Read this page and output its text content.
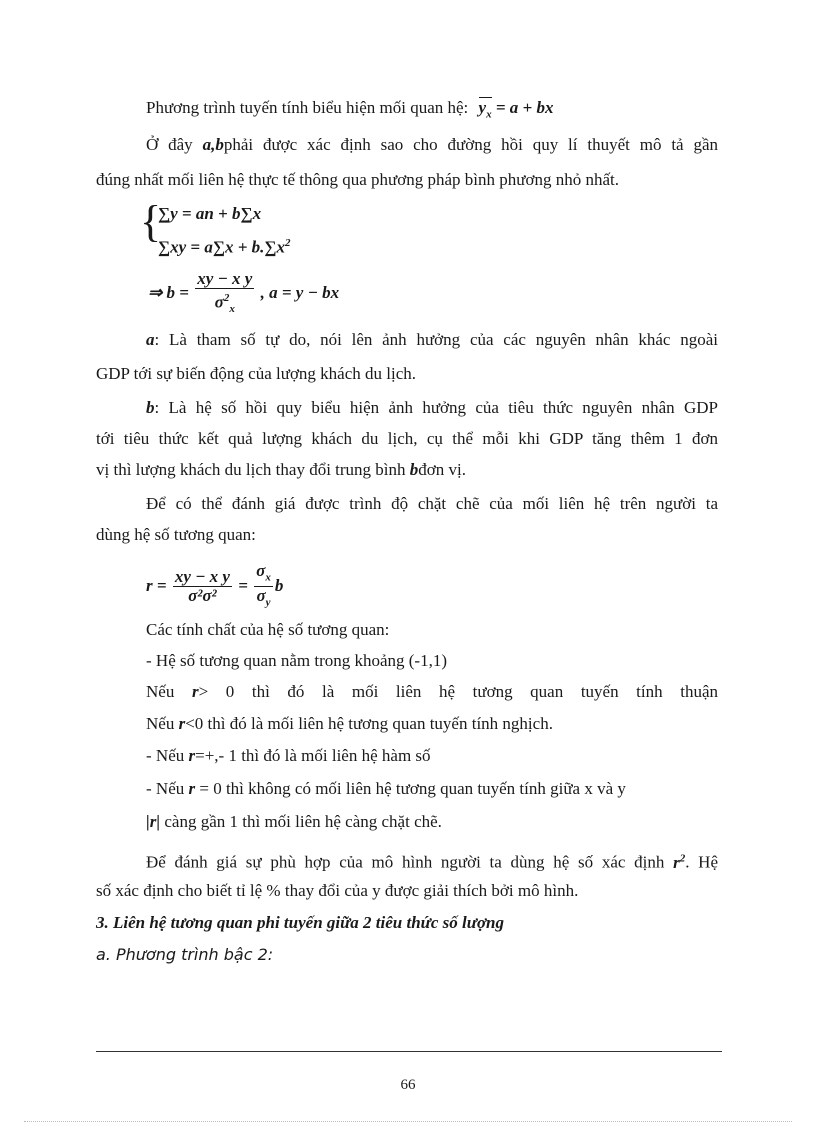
Phương trình tuyến tính biểu hiện mối quan hệ: $y_x = a$ + bx
Ở đây a,bphải được xác định sao cho đường hồi quy lí thuyết mô tả gần
đúng nhất mối liên hệ thực tế thông qua phương pháp bình phương nhỏ nhất.
{
∑y = an + b∑x
$\sum xy = a\sum x + b.\sum x^2$
⇒ $b = \frac{\text{xy − x y}}{\sigma^2_x}$ , a = y − bx
a: Là tham số tự do, nói lên ảnh hưởng của các nguyên nhân khác ngoài
GDP tới sự biến động của lượng khách du lịch.
b: Là hệ số hồi quy biểu hiện ảnh hưởng của tiêu thức nguyên nhân GDP
tới tiêu thức kết quả lượng khách du lịch, cụ thể mỗi khi GDP tăng thêm 1 đơn
vị thì lượng khách du lịch thay đổi trung bình bđơn vị.
Để có thể đánh giá được trình độ chặt chẽ của mối liên hệ trên người ta
dùng hệ số tương quan:
$r = \frac{\text{xy − x y}}{\text{σ²σ²}} = \frac{\sigma_x}{\sigma_y}$ b
Các tính chất của hệ số tương quan:
- Hệ số tương quan nằm trong khoảng (-1,1)
Nếu r> 0 thì đó là mối liên hệ tương quan tuyến tính thuận
Nếu r<0 thì đó là mối liên hệ tương quan tuyến tính nghịch.
- Nếu r=+,- 1 thì đó là mối liên hệ hàm số
- Nếu r = 0 thì không có mối liên hệ tương quan tuyến tính giữa x và y
|r| càng gần 1 thì mối liên hệ càng chặt chẽ.
Để đánh giá sự phù hợp của mô hình người ta dùng hệ số xác định $r^2$. Hệ
số xác định cho biết tỉ lệ % thay đổi của y được giải thích bởi mô hình.
3. Liên hệ tương quan phi tuyến giữa 2 tiêu thức số lượng
a. Phương trình bậc 2:
66
